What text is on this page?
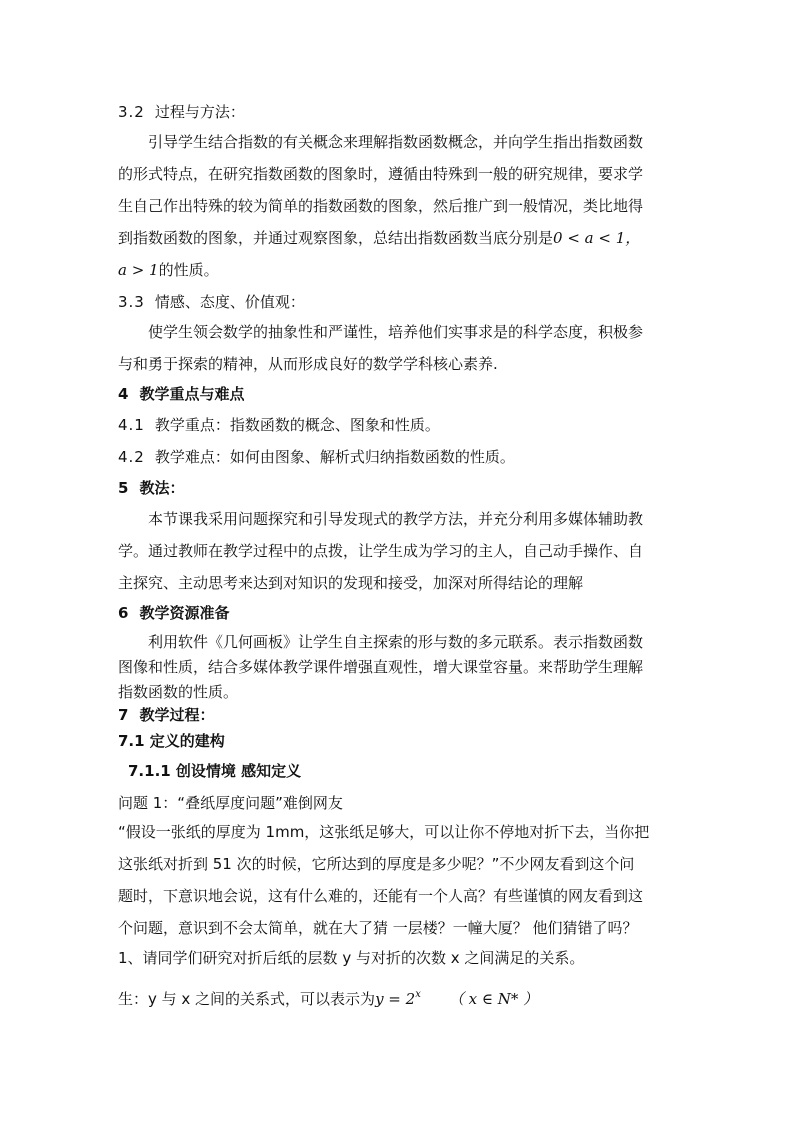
3.2 过程与方法：
引导学生结合指数的有关概念来理解指数函数概念，并向学生指出指数函数
的形式特点，在研究指数函数的图象时，遵循由特殊到一般的研究规律，要求学
生自己作出特殊的较为简单的指数函数的图象，然后推广到一般情况，类比地得
到指数函数的图象，并通过观察图象，总结出指数函数当底分别是0 < a < 1，
a > 1的性质。
3.3 情感、态度、价值观：
使学生领会数学的抽象性和严谨性，培养他们实事求是的科学态度，积极参
与和勇于探索的精神，从而形成良好的数学学科核心素养.
4 教学重点与难点
4.1 教学重点：指数函数的概念、图象和性质。
4.2 教学难点：如何由图象、解析式归纳指数函数的性质。
5 教法：
本节课我采用问题探究和引导发现式的教学方法，并充分利用多媒体辅助教
学。通过教师在教学过程中的点拨，让学生成为学习的主人，自己动手操作、自
主探究、主动思考来达到对知识的发现和接受，加深对所得结论的理解
6 教学资源准备
利用软件《几何画板》让学生自主探索的形与数的多元联系。表示指数函数
图像和性质，结合多媒体教学课件增强直观性，增大课堂容量。来帮助学生理解
指数函数的性质。
7 教学过程：
7.1 定义的建构
7.1.1 创设情境 感知定义
问题 1：“叠纸厚度问题”难倒网友
“假设一张纸的厚度为 1mm，这张纸足够大，可以让你不停地对折下去，当你把
这张纸对折到 51 次的时候，它所达到的厚度是多少呢？”不少网友看到这个问
题时，下意识地会说，这有什么难的，还能有一个人高？有些谨慎的网友看到这
个问题，意识到不会太简单，就在大了猜 一层楼？一幢大厦？ 他们猜错了吗？
1、请同学们研究对折后纸的层数 y 与对折的次数 x 之间满足的关系。
生：y 与 x 之间的关系式，可以表示为$y = 2^x$ （ x ∈ N* ）
